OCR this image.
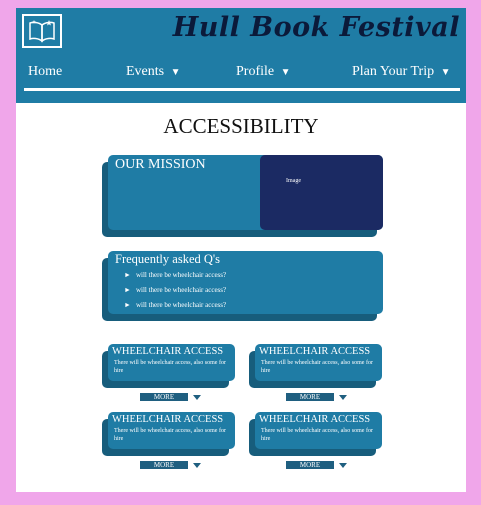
Hull Book Festival
Home	Events ▼	Profile ▼	Plan Your Trip ▼
ACCESSIBILITY
OUR MISSION
Image
Frequently asked Q's
► will there be wheelchair access?
► will there be wheelchair access?
► will there be wheelchair access?
WHEELCHAIR ACCESS
There will be wheelchair access, also some for hire
MORE
WHEELCHAIR ACCESS
There will be wheelchair access, also some for hire
MORE
WHEELCHAIR ACCESS
There will be wheelchair access, also some for hire
MORE
WHEELCHAIR ACCESS
There will be wheelchair access, also some for hire
MORE
